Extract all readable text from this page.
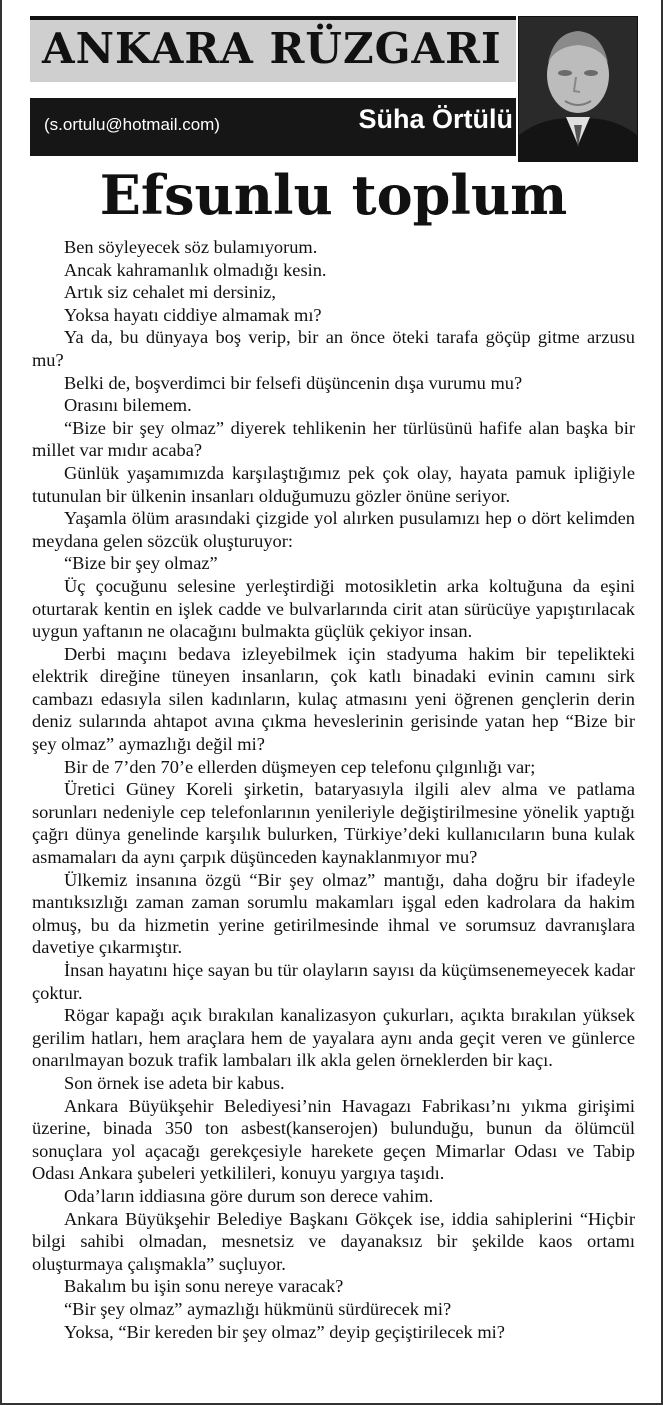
ANKARA RÜZGARI
(s.ortulu@hotmail.com)	Süha Örtülü
Efsunlu toplum

Ben söyleyecek söz bulamıyorum.

Ancak kahramanlık olmadığı kesin.

Artık siz cehalet mi dersiniz,

Yoksa hayatı ciddiye almamak mı?

Ya da, bu dünyaya boş verip, bir an önce öteki tarafa göçüp gitme arzusu mu?

Belki de, boşverdimci bir felsefi düşüncenin dışa vurumu mu?

Orasını bilemem.

“Bize bir şey olmaz” diyerek tehlikenin her türlüsünü hafife alan başka bir millet var mıdır acaba?

Günlük yaşamımızda karşılaştığımız pek çok olay, hayata pamuk ipliğiyle tutunulan bir ülkenin insanları olduğumuzu gözler önüne seriyor.

Yaşamla ölüm arasındaki çizgide yol alırken pusulamızı hep o dört kelimden meydana gelen sözcük oluşturuyor:

“Bize bir şey olmaz”

Üç çocuğunu selesine yerleştirdiği motosikletin arka koltuğuna da eşini oturtarak kentin en işlek cadde ve bulvarlarında cirit atan sürücüye yapıştırılacak uygun yaftanın ne olacağını bulmakta güçlük çekiyor insan.

Derbi maçını bedava izleyebilmek için stadyuma hakim bir tepelikteki elektrik direğine tüneyen insanların, çok katlı binadaki evinin camını sirk cambazı edasıyla silen kadınların, kulaç atmasını yeni öğrenen gençlerin derin deniz sularında ahtapot avına çıkma heveslerinin gerisinde yatan hep “Bize bir şey olmaz” aymazlığı değil mi?

Bir de 7’den 70’e ellerden düşmeyen cep telefonu çılgınlığı var;

Üretici Güney Koreli şirketin, bataryasıyla ilgili alev alma ve patlama sorunları nedeniyle cep telefonlarının yenileriyle değiştirilmesine yönelik yaptığı çağrı dünya genelinde karşılık bulurken, Türkiye’deki kullanıcıların buna kulak asmamaları da aynı çarpık düşünceden kaynaklanmıyor mu?

Ülkemiz insanına özgü “Bir şey olmaz” mantığı, daha doğru bir ifadeyle mantıksızlığı zaman zaman sorumlu makamları işgal eden kadrolara da hakim olmuş, bu da hizmetin yerine getirilmesinde ihmal ve sorumsuz davranışlara davetiye çıkarmıştır.

İnsan hayatını hiçe sayan bu tür olayların sayısı da küçümsenemeyecek kadar çoktur.

Rögar kapağı açık bırakılan kanalizasyon çukurları, açıkta bırakılan yüksek gerilim hatları, hem araçlara hem de yayalara aynı anda geçit veren ve günlerce onarılmayan bozuk trafik lambaları ilk akla gelen örneklerden bir kaçı.

Son örnek ise adeta bir kabus.

Ankara Büyükşehir Belediyesi’nin Havagazı Fabrikası’nı yıkma girişimi üzerine, binada 350 ton asbest(kanserojen) bulunduğu, bunun da ölümcül sonuçlara yol açacağı gerekçesiyle harekete geçen Mimarlar Odası ve Tabip Odası Ankara şubeleri yetkilileri, konuyu yargıya taşıdı.

Oda’ların iddiasına göre durum son derece vahim.

Ankara Büyükşehir Belediye Başkanı Gökçek ise, iddia sahiplerini “Hiçbir bilgi sahibi olmadan, mesnetsiz ve dayanaksız bir şekilde kaos ortamı oluşturmaya çalışmakla” suçluyor.

Bakalım bu işin sonu nereye varacak?

“Bir şey olmaz” aymazlığı hükmünü sürdürecek mi?

Yoksa, “Bir kereden bir şey olmaz” deyip geçiştirilecek mi?
